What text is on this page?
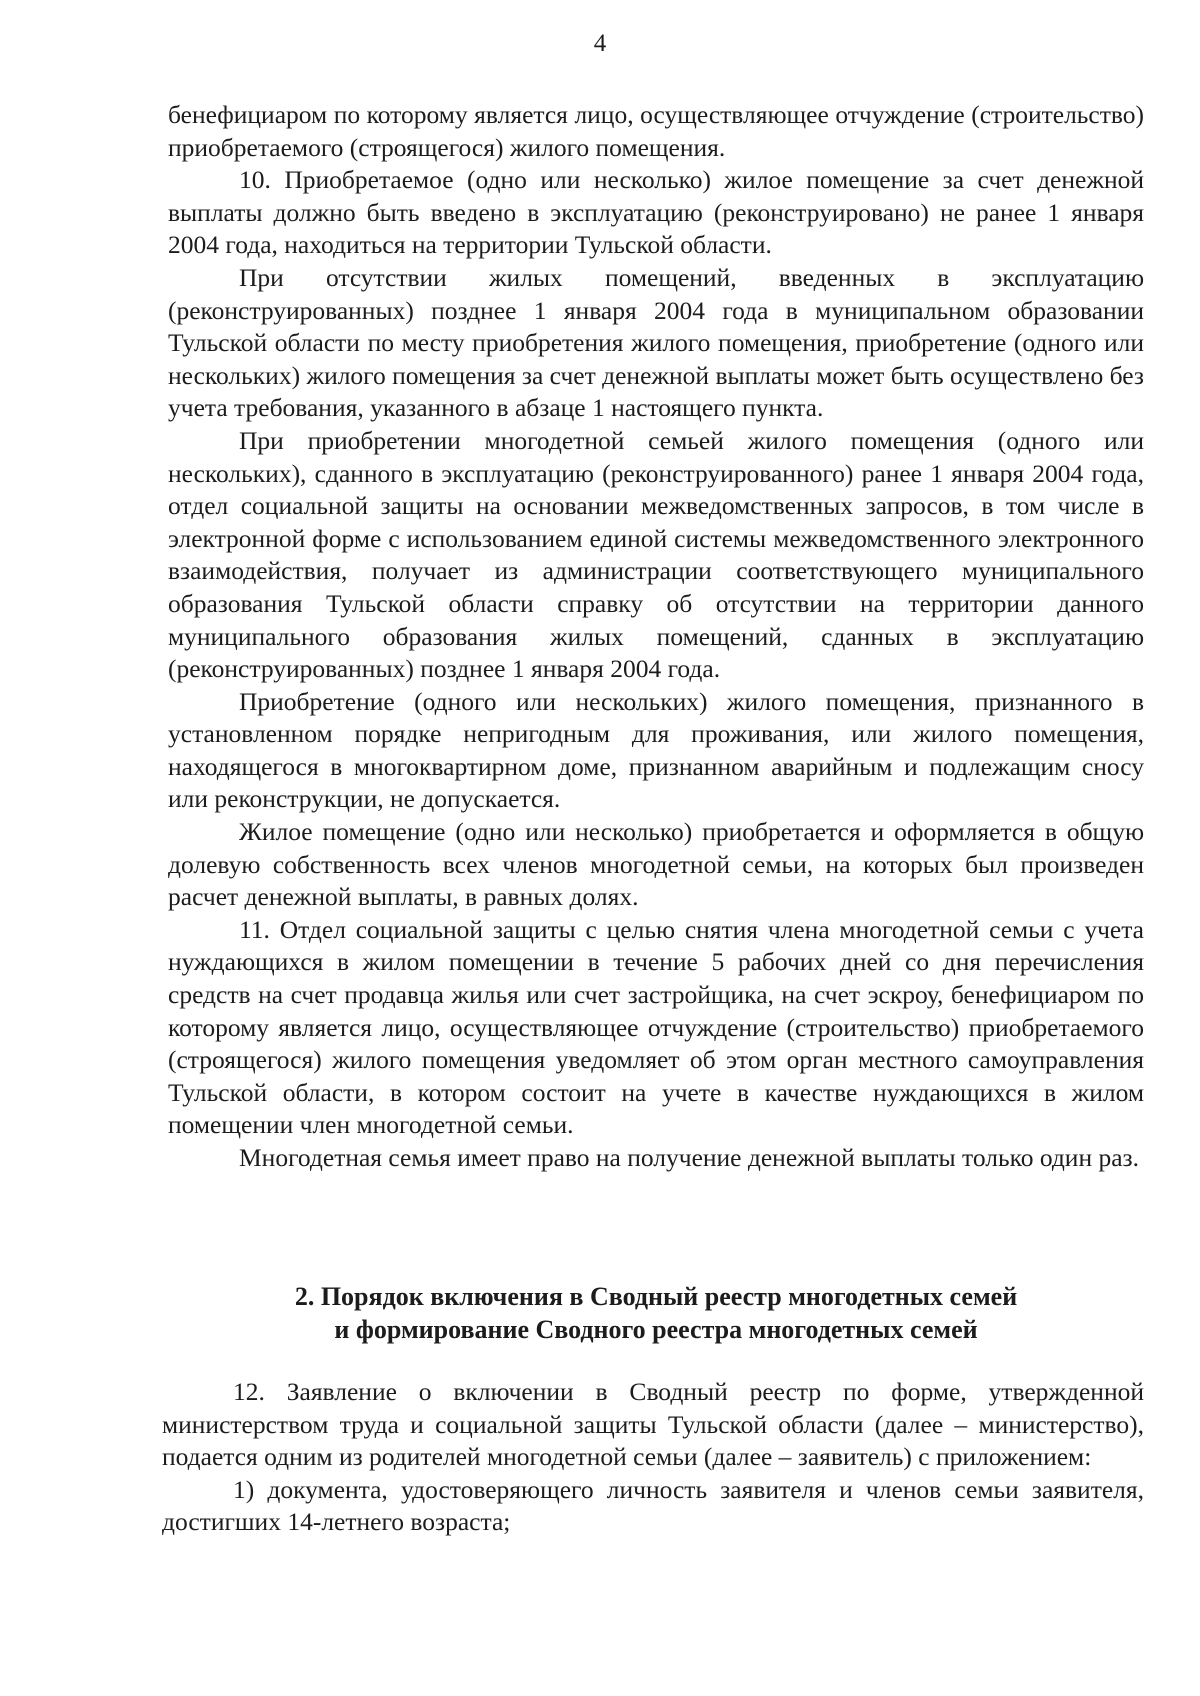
4

бенефициаром по которому является лицо, осуществляющее отчуждение (строительство) приобретаемого (строящегося) жилого помещения.

10. Приобретаемое (одно или несколько) жилое помещение за счет денежной выплаты должно быть введено в эксплуатацию (реконструировано) не ранее 1 января 2004 года, находиться на территории Тульской области.

При отсутствии жилых помещений, введенных в эксплуатацию (реконструированных) позднее 1 января 2004 года в муниципальном образовании Тульской области по месту приобретения жилого помещения, приобретение (одного или нескольких) жилого помещения за счет денежной выплаты может быть осуществлено без учета требования, указанного в абзаце 1 настоящего пункта.

При приобретении многодетной семьей жилого помещения (одного или нескольких), сданного в эксплуатацию (реконструированного) ранее 1 января 2004 года, отдел социальной защиты на основании межведомственных запросов, в том числе в электронной форме с использованием единой системы межведомственного электронного взаимодействия, получает из администрации соответствующего муниципального образования Тульской области справку об отсутствии на территории данного муниципального образования жилых помещений, сданных в эксплуатацию (реконструированных) позднее 1 января 2004 года.

Приобретение (одного или нескольких) жилого помещения, признанного в установленном порядке непригодным для проживания, или жилого помещения, находящегося в многоквартирном доме, признанном аварийным и подлежащим сносу или реконструкции, не допускается.

Жилое помещение (одно или несколько) приобретается и оформляется в общую долевую собственность всех членов многодетной семьи, на которых был произведен расчет денежной выплаты, в равных долях.

11. Отдел социальной защиты с целью снятия члена многодетной семьи с учета нуждающихся в жилом помещении в течение 5 рабочих дней со дня перечисления средств на счет продавца жилья или счет застройщика, на счет эскроу, бенефициаром по которому является лицо, осуществляющее отчуждение (строительство) приобретаемого (строящегося) жилого помещения уведомляет об этом орган местного самоуправления Тульской области, в котором состоит на учете в качестве нуждающихся в жилом помещении член многодетной семьи.

Многодетная семья имеет право на получение денежной выплаты только один раз.

2. Порядок включения в Сводный реестр многодетных семей
и формирование Сводного реестра многодетных семей

12. Заявление о включении в Сводный реестр по форме, утвержденной министерством труда и социальной защиты Тульской области (далее – министерство), подается одним из родителей многодетной семьи (далее – заявитель) с приложением:

1) документа, удостоверяющего личность заявителя и членов семьи заявителя, достигших 14-летнего возраста;
